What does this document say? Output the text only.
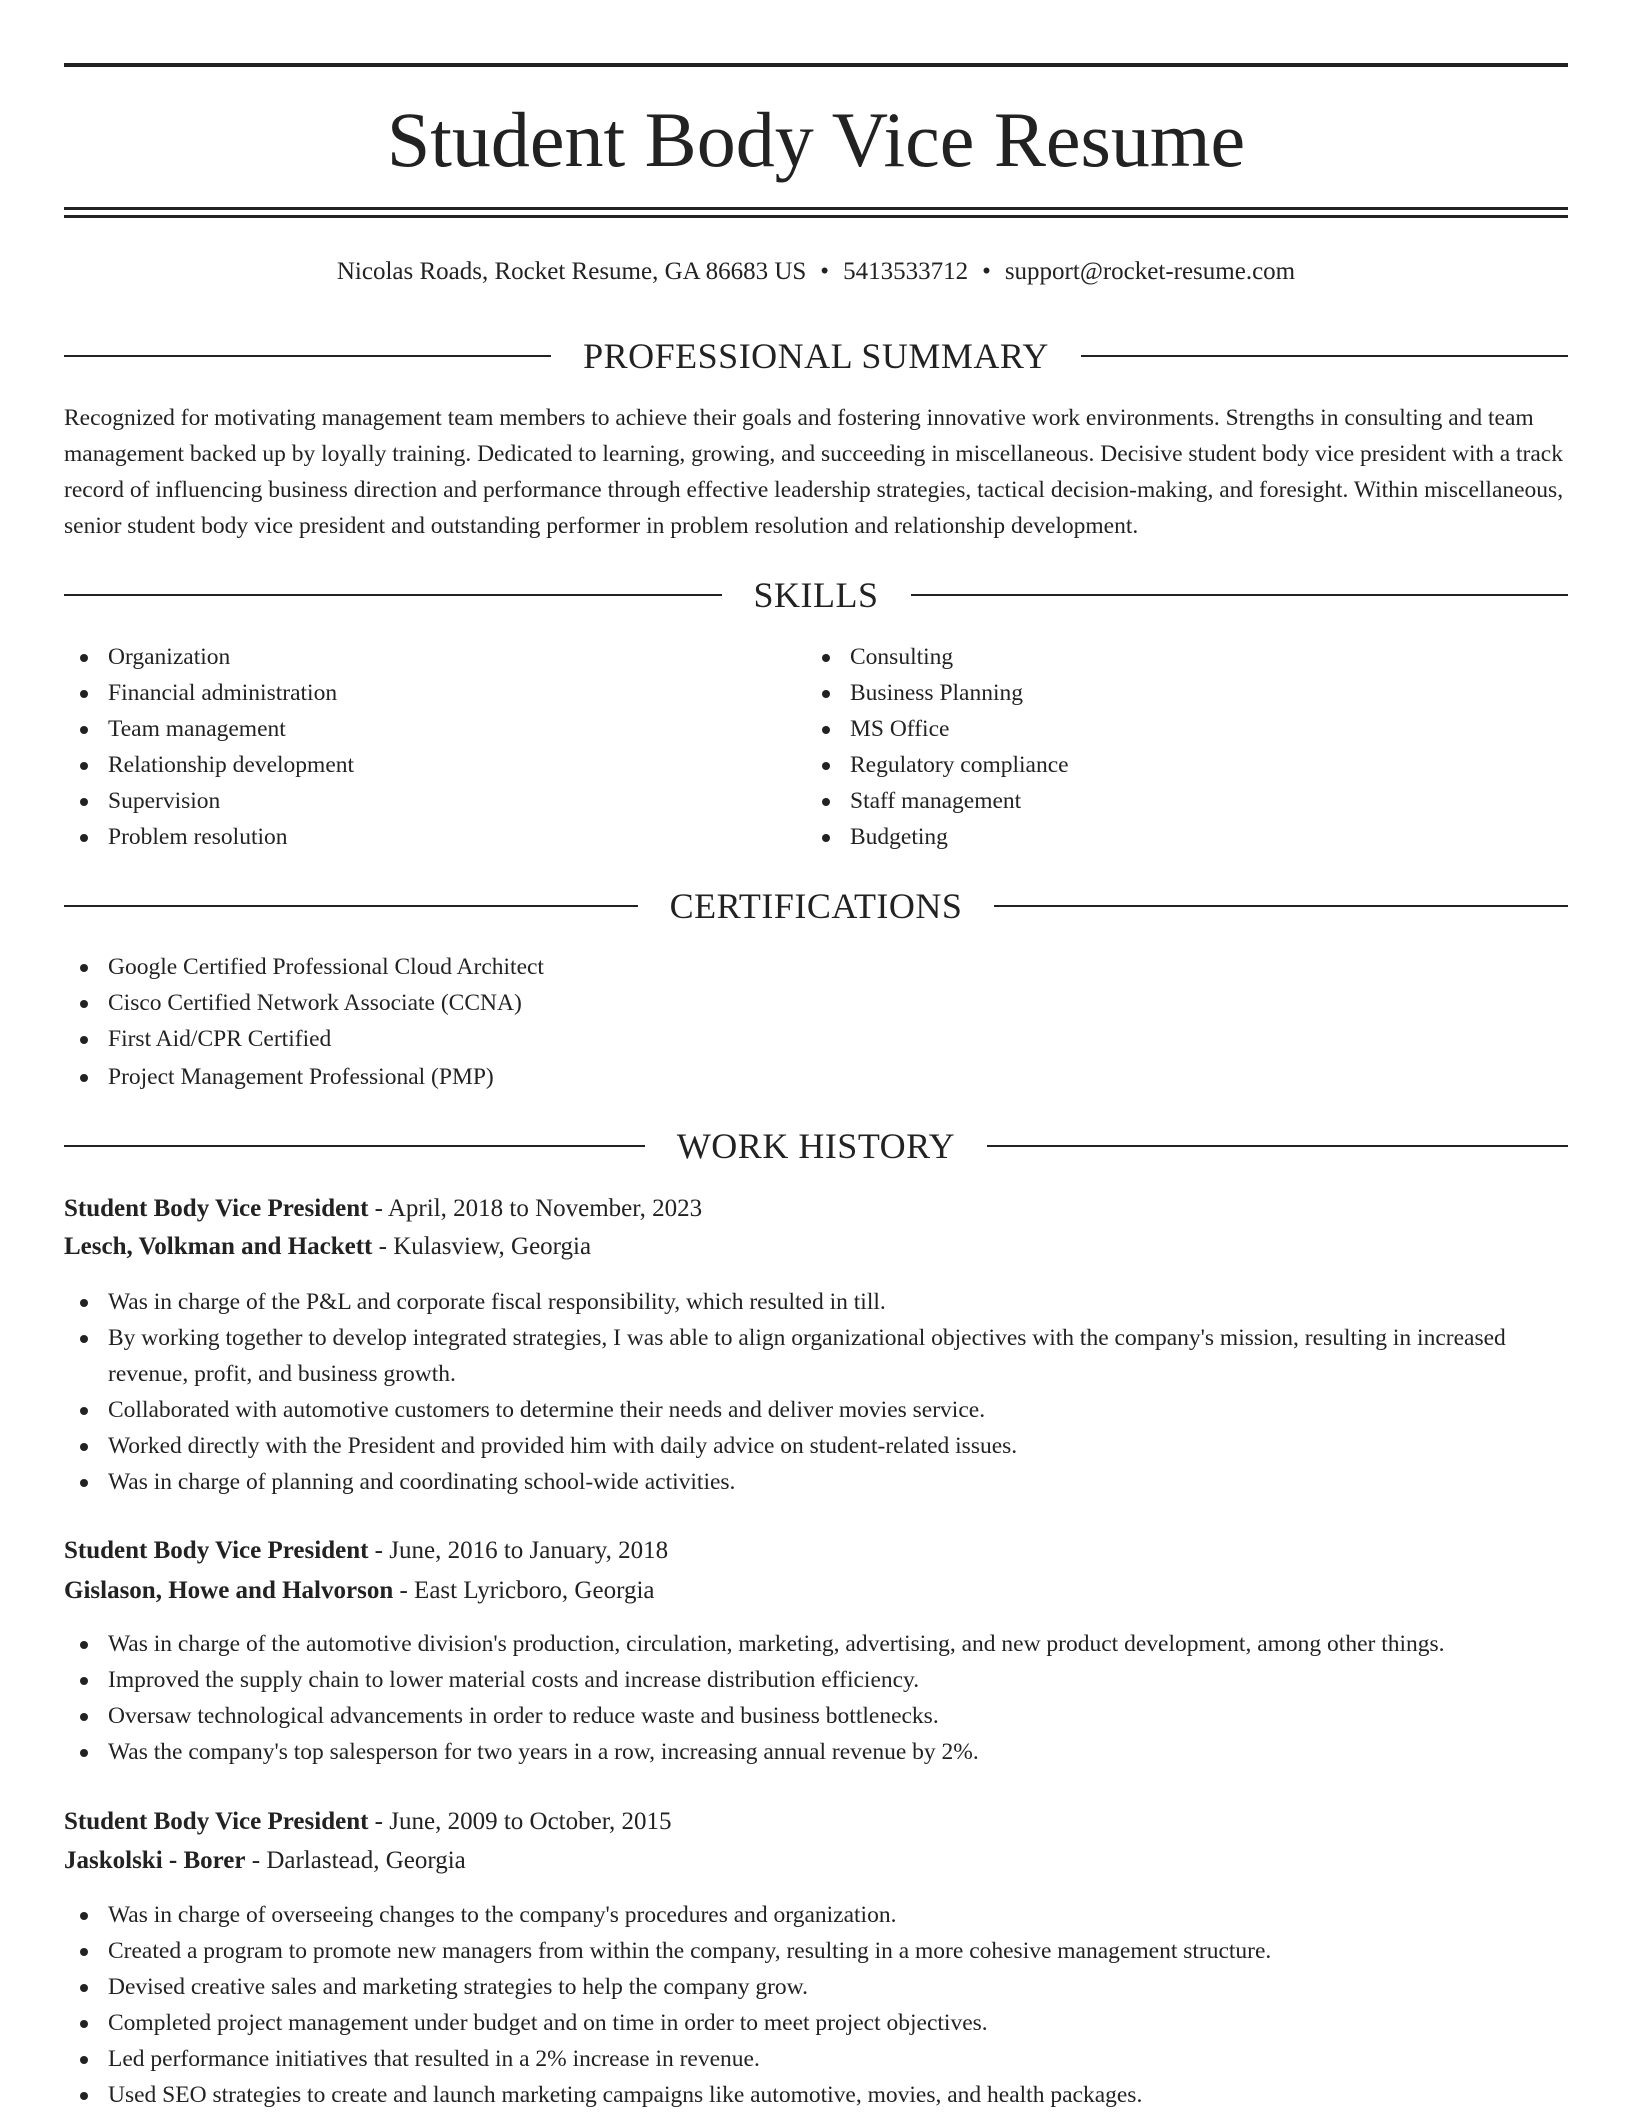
Student Body Vice Resume
Nicolas Roads, Rocket Resume, GA 86683 US • 5413533712 • support@rocket-resume.com
PROFESSIONAL SUMMARY

Recognized for motivating management team members to achieve their goals and fostering innovative work environments. Strengths in consulting and team management backed up by loyally training. Dedicated to learning, growing, and succeeding in miscellaneous. Decisive student body vice president with a track record of influencing business direction and performance through effective leadership strategies, tactical decision-making, and foresight. Within miscellaneous, senior student body vice president and outstanding performer in problem resolution and relationship development.

SKILLS
Organization
Financial administration
Team management
Relationship development
Supervision
Problem resolution
Consulting
Business Planning
MS Office
Regulatory compliance
Staff management
Budgeting
CERTIFICATIONS
Google Certified Professional Cloud Architect
Cisco Certified Network Associate (CCNA)
First Aid/CPR Certified
Project Management Professional (PMP)
WORK HISTORY
Student Body Vice President - April, 2018 to November, 2023
Lesch, Volkman and Hackett - Kulasview, Georgia
Was in charge of the P&L and corporate fiscal responsibility, which resulted in till.
By working together to develop integrated strategies, I was able to align organizational objectives with the company's mission, resulting in increased revenue, profit, and business growth.
Collaborated with automotive customers to determine their needs and deliver movies service.
Worked directly with the President and provided him with daily advice on student-related issues.
Was in charge of planning and coordinating school-wide activities.
Student Body Vice President - June, 2016 to January, 2018
Gislason, Howe and Halvorson - East Lyricboro, Georgia
Was in charge of the automotive division's production, circulation, marketing, advertising, and new product development, among other things.
Improved the supply chain to lower material costs and increase distribution efficiency.
Oversaw technological advancements in order to reduce waste and business bottlenecks.
Was the company's top salesperson for two years in a row, increasing annual revenue by 2%.
Student Body Vice President - June, 2009 to October, 2015
Jaskolski - Borer - Darlastead, Georgia
Was in charge of overseeing changes to the company's procedures and organization.
Created a program to promote new managers from within the company, resulting in a more cohesive management structure.
Devised creative sales and marketing strategies to help the company grow.
Completed project management under budget and on time in order to meet project objectives.
Led performance initiatives that resulted in a 2% increase in revenue.
Used SEO strategies to create and launch marketing campaigns like automotive, movies, and health packages.
